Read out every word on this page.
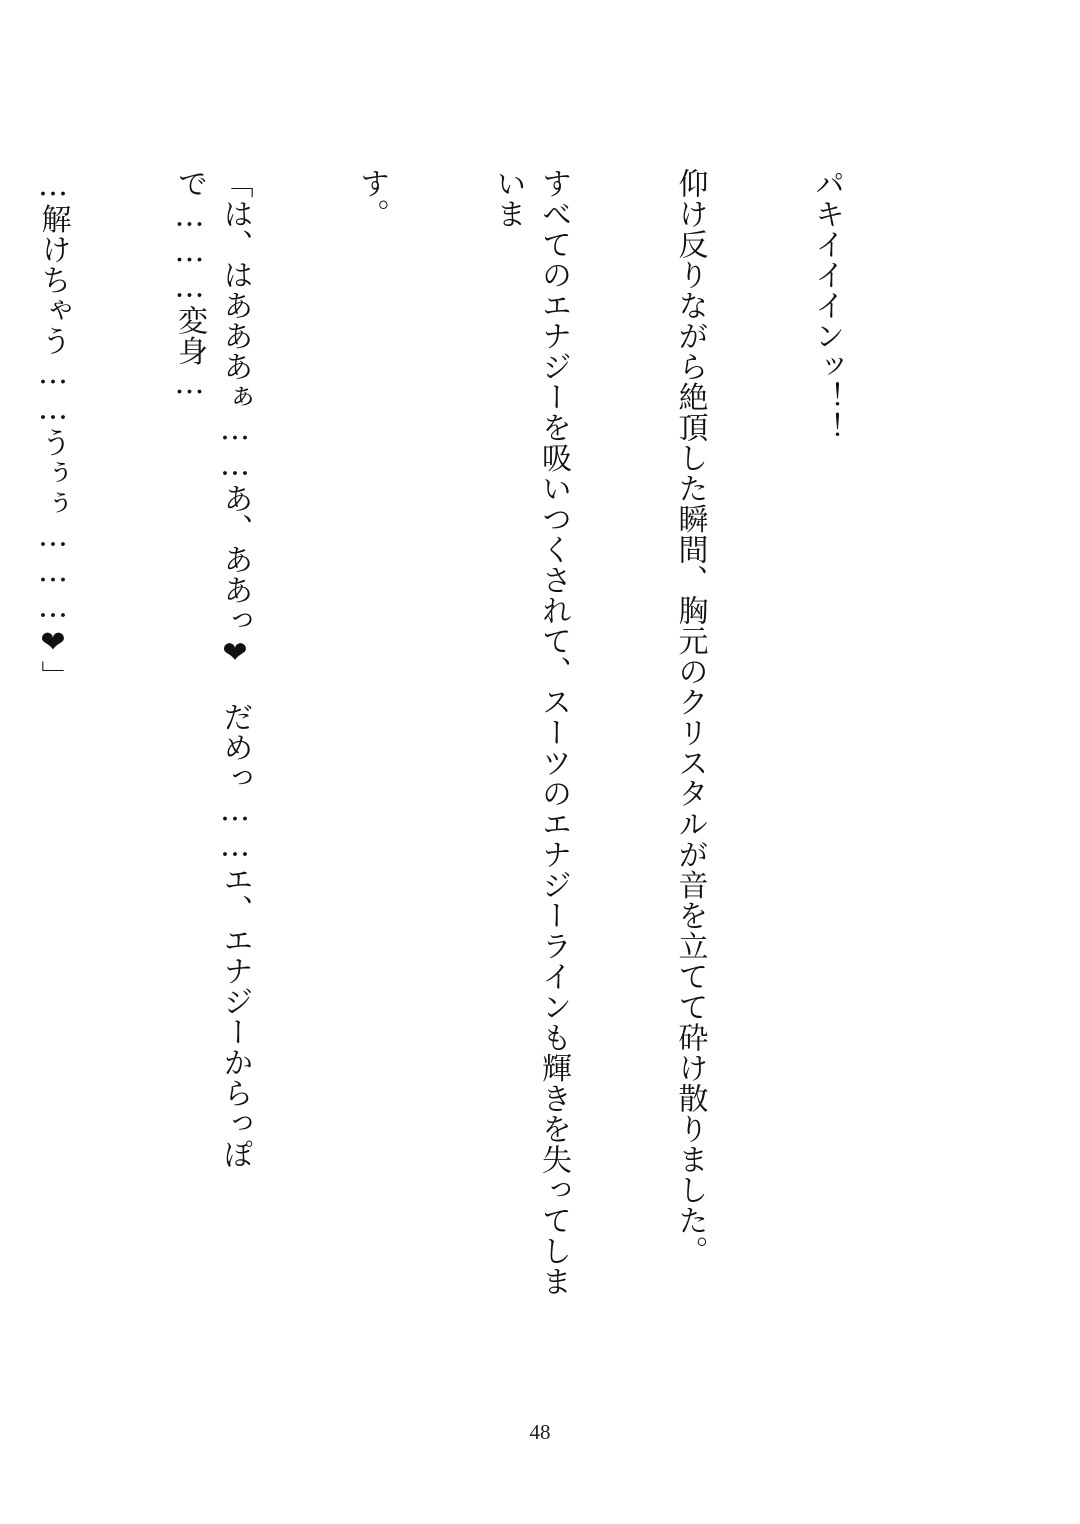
パキイイインッ！！

仰け反りながら絶頂した瞬間、胸元のクリスタルが音を立てて砕け散りました。

すべてのエナジーを吸いつくされて、スーツのエナジーラインも輝きを失ってしまいま

す。

「は、はあああぁ……あ、ああっ❤　だめっ……エ、エナジーからっぽで………変身…

…解けちゃう……うぅぅ………❤」

48
